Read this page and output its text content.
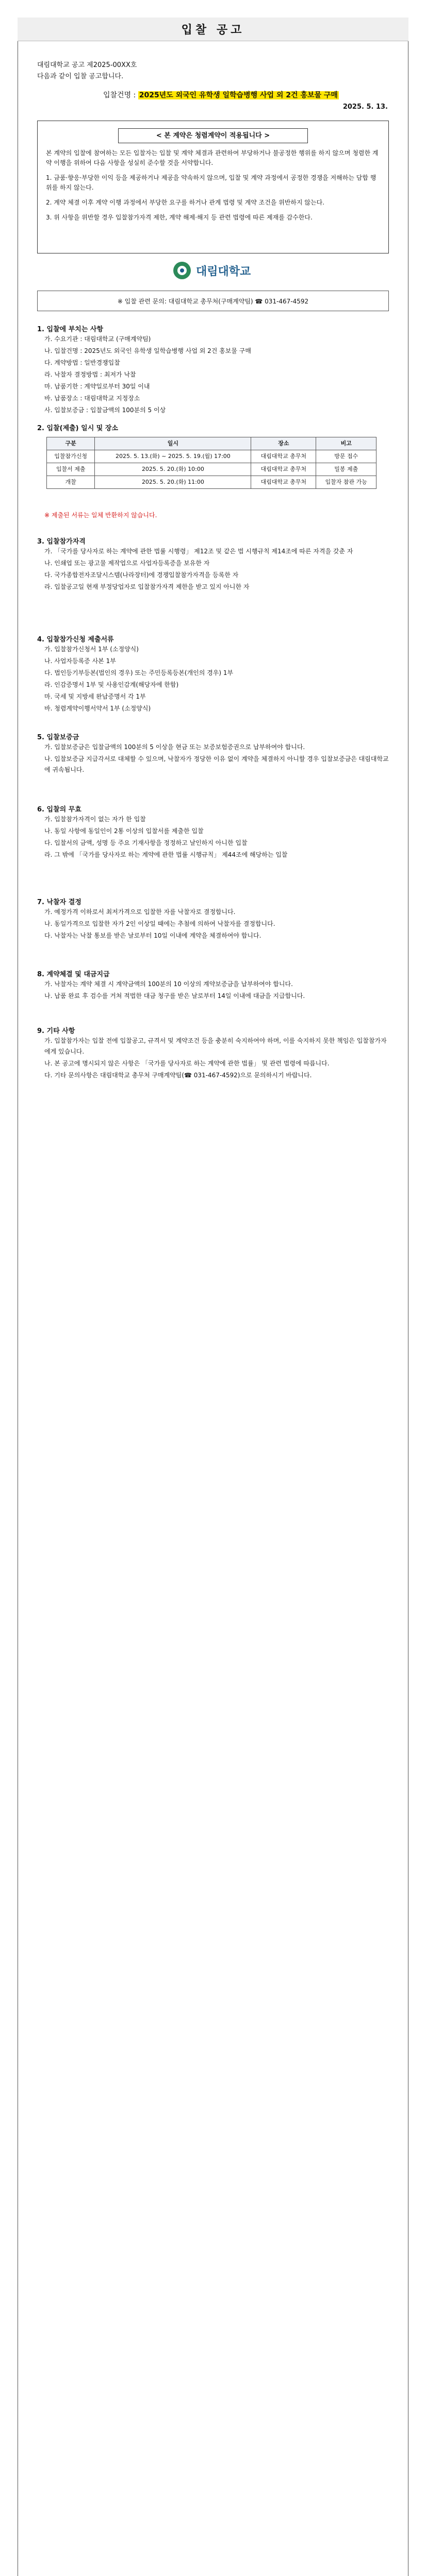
입찰 공고
대림대학교 공고 제2025-00XX호
다음과 같이 입찰 공고합니다.
입찰건명 : 2025년도 외국인 유학생 일학습병행 사업 외 2건 홍보물 구매
2025. 5. 13.
< 본 계약은 청렴계약이 적용됩니다 >

본 계약의 입찰에 참여하는 모든 입찰자는 입찰 및 계약 체결과 관련하여 부당하거나 불공정한 행위를 하지 않으며 청렴한 계약 이행을 위하여 다음 사항을 성실히 준수할 것을 서약합니다.

1. 금품·향응·부당한 이익 등을 제공하거나 제공을 약속하지 않으며, 입찰 및 계약 과정에서 공정한 경쟁을 저해하는 담합 행위를 하지 않는다.

2. 계약 체결 이후 계약 이행 과정에서 부당한 요구를 하거나 관계 법령 및 계약 조건을 위반하지 않는다.

3. 위 사항을 위반할 경우 입찰참가자격 제한, 계약 해제·해지 등 관련 법령에 따른 제재를 감수한다.

대림대학교
※ 입찰 관련 문의: 대림대학교 총무처(구매계약팀) ☎ 031-467-4592
1. 입찰에 부치는 사항

가. 수요기관 : 대림대학교 (구매계약팀)

나. 입찰건명 : 2025년도 외국인 유학생 일학습병행 사업 외 2건 홍보물 구매

다. 계약방법 : 일반경쟁입찰

라. 낙찰자 결정방법 : 최저가 낙찰

마. 납품기한 : 계약일로부터 30일 이내

바. 납품장소 : 대림대학교 지정장소

사. 입찰보증금 : 입찰금액의 100분의 5 이상

2. 입찰(제출) 일시 및 장소
구분	일시	장소	비고
입찰참가신청	2025. 5. 13.(화) ~ 2025. 5. 19.(월) 17:00	대림대학교 총무처	방문 접수
입찰서 제출	2025. 5. 20.(화) 10:00	대림대학교 총무처	밀봉 제출
개찰	2025. 5. 20.(화) 11:00	대림대학교 총무처	입찰자 참관 가능

※ 제출된 서류는 일체 반환하지 않습니다.

3. 입찰참가자격

가. 「국가를 당사자로 하는 계약에 관한 법률 시행령」 제12조 및 같은 법 시행규칙 제14조에 따른 자격을 갖춘 자

나. 인쇄업 또는 광고물 제작업으로 사업자등록증을 보유한 자

다. 국가종합전자조달시스템(나라장터)에 경쟁입찰참가자격을 등록한 자

라. 입찰공고일 현재 부정당업자로 입찰참가자격 제한을 받고 있지 아니한 자

4. 입찰참가신청 제출서류

가. 입찰참가신청서 1부 (소정양식)

나. 사업자등록증 사본 1부

다. 법인등기부등본(법인의 경우) 또는 주민등록등본(개인의 경우) 1부

라. 인감증명서 1부 및 사용인감계(해당자에 한함)

마. 국세 및 지방세 완납증명서 각 1부

바. 청렴계약이행서약서 1부 (소정양식)

5. 입찰보증금

가. 입찰보증금은 입찰금액의 100분의 5 이상을 현금 또는 보증보험증권으로 납부하여야 합니다.

나. 입찰보증금 지급각서로 대체할 수 있으며, 낙찰자가 정당한 이유 없이 계약을 체결하지 아니할 경우 입찰보증금은 대림대학교에 귀속됩니다.

6. 입찰의 무효

가. 입찰참가자격이 없는 자가 한 입찰

나. 동일 사항에 동일인이 2통 이상의 입찰서를 제출한 입찰

다. 입찰서의 금액, 성명 등 주요 기재사항을 정정하고 날인하지 아니한 입찰

라. 그 밖에 「국가를 당사자로 하는 계약에 관한 법률 시행규칙」 제44조에 해당하는 입찰

7. 낙찰자 결정

가. 예정가격 이하로서 최저가격으로 입찰한 자를 낙찰자로 결정합니다.

나. 동일가격으로 입찰한 자가 2인 이상일 때에는 추첨에 의하여 낙찰자를 결정합니다.

다. 낙찰자는 낙찰 통보를 받은 날로부터 10일 이내에 계약을 체결하여야 합니다.

8. 계약체결 및 대금지급

가. 낙찰자는 계약 체결 시 계약금액의 100분의 10 이상의 계약보증금을 납부하여야 합니다.

나. 납품 완료 후 검수를 거쳐 적법한 대금 청구를 받은 날로부터 14일 이내에 대금을 지급합니다.

9. 기타 사항

가. 입찰참가자는 입찰 전에 입찰공고, 규격서 및 계약조건 등을 충분히 숙지하여야 하며, 이를 숙지하지 못한 책임은 입찰참가자에게 있습니다.

나. 본 공고에 명시되지 않은 사항은 「국가를 당사자로 하는 계약에 관한 법률」 및 관련 법령에 따릅니다.

다. 기타 문의사항은 대림대학교 총무처 구매계약팀(☎ 031-467-4592)으로 문의하시기 바랍니다.
